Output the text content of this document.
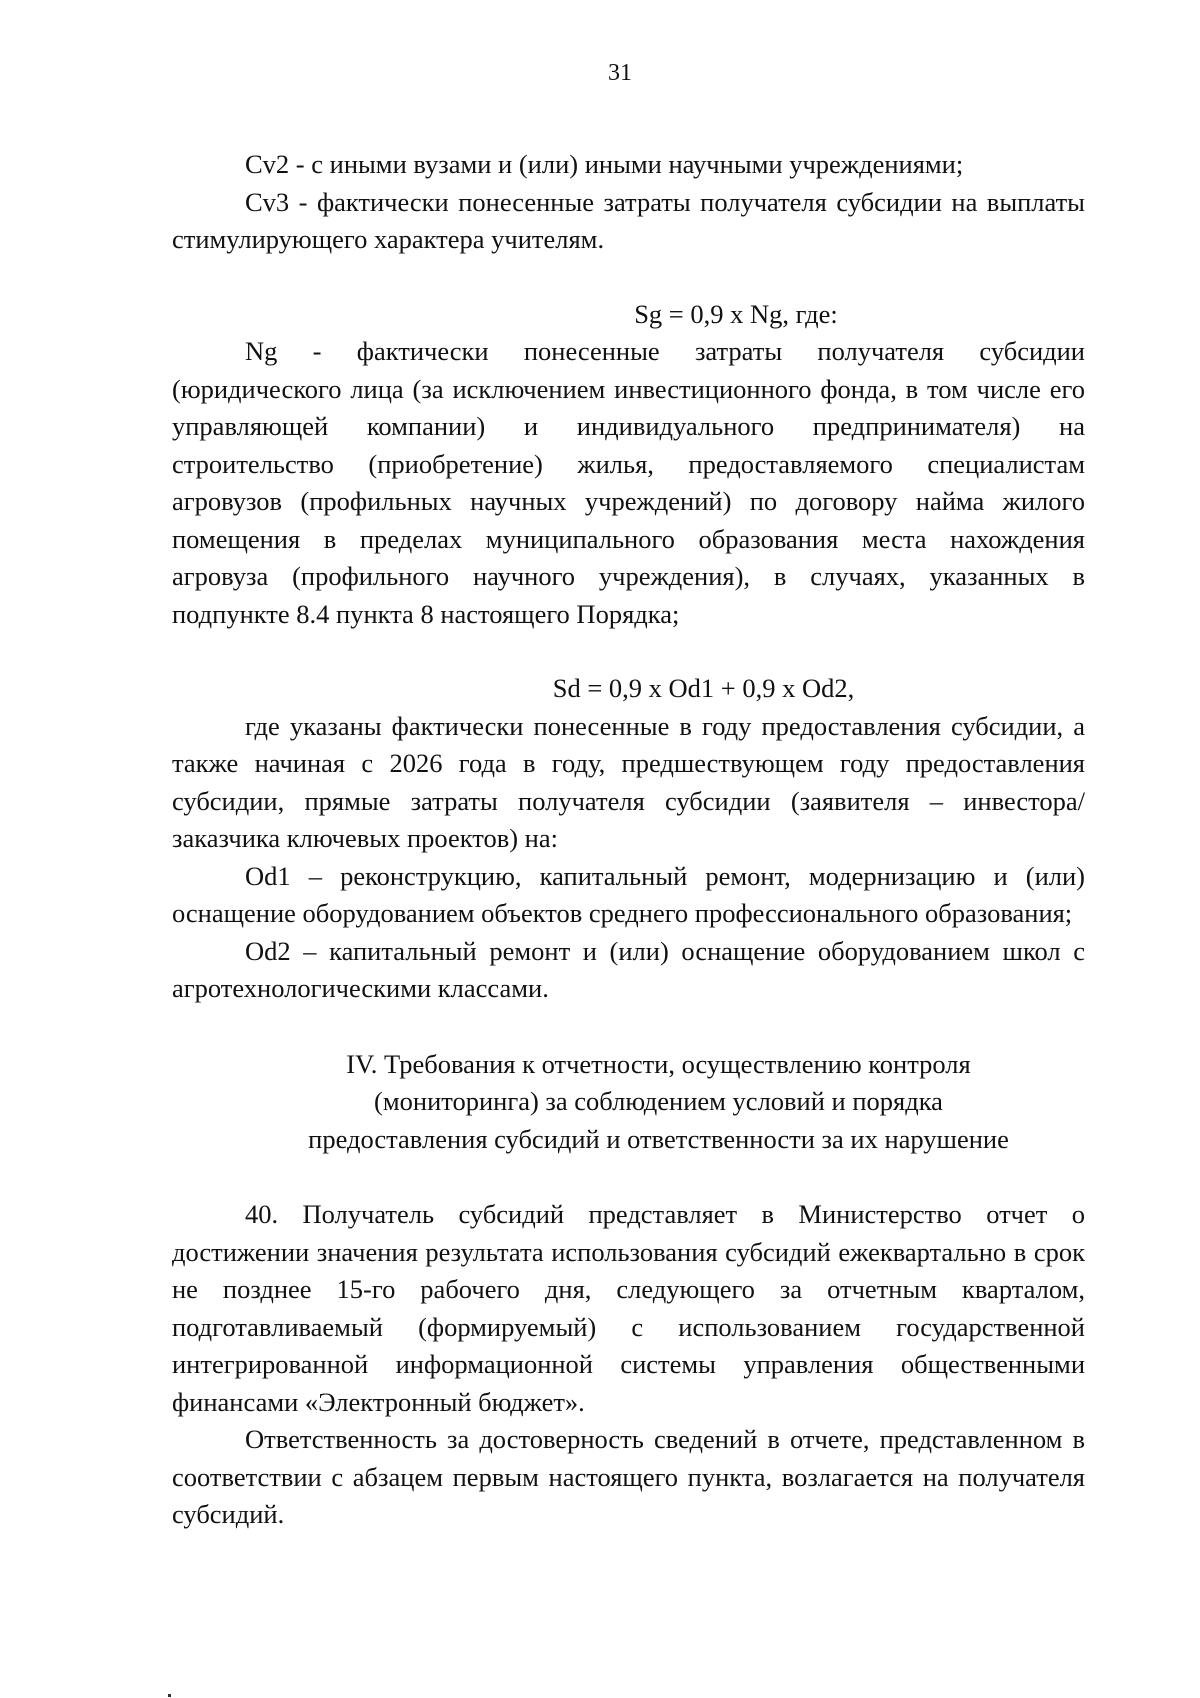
31

Cv2 - с иными вузами и (или) иными научными учреждениями;

Cv3 - фактически понесенные затраты получателя субсидии на выплаты стимулирующего характера учителям.

Sg = 0,9 x Ng, где:

Ng - фактически понесенные затраты получателя субсидии (юридического лица (за исключением инвестиционного фонда, в том числе его управляющей компании) и индивидуального предпринимателя) на строительство (приобретение) жилья, предоставляемого специалистам агровузов (профильных научных учреждений) по договору найма жилого помещения в пределах муниципального образования места нахождения агровуза (профильного научного учреждения), в случаях, указанных в подпункте 8.4 пункта 8 настоящего Порядка;

Sd = 0,9 x Od1 + 0,9 x Od2,

где указаны фактически понесенные в году предоставления субсидии, а также начиная с 2026 года в году, предшествующем году предоставления субсидии, прямые затраты получателя субсидии (заявителя – инвестора/ заказчика ключевых проектов) на:

Od1 – реконструкцию, капитальный ремонт, модернизацию и (или) оснащение оборудованием объектов среднего профессионального образования;

Od2 – капитальный ремонт и (или) оснащение оборудованием школ с агротехнологическими классами.

IV. Требования к отчетности, осуществлению контроля
(мониторинга) за соблюдением условий и порядка
предоставления субсидий и ответственности за их нарушение

40. Получатель субсидий представляет в Министерство отчет о достижении значения результата использования субсидий ежеквартально в срок не позднее 15-го рабочего дня, следующего за отчетным кварталом, подготавливаемый (формируемый) с использованием государственной интегрированной информационной системы управления общественными финансами «Электронный бюджет».

Ответственность за достоверность сведений в отчете, представленном в соответствии с абзацем первым настоящего пункта, возлагается на получателя субсидий.
